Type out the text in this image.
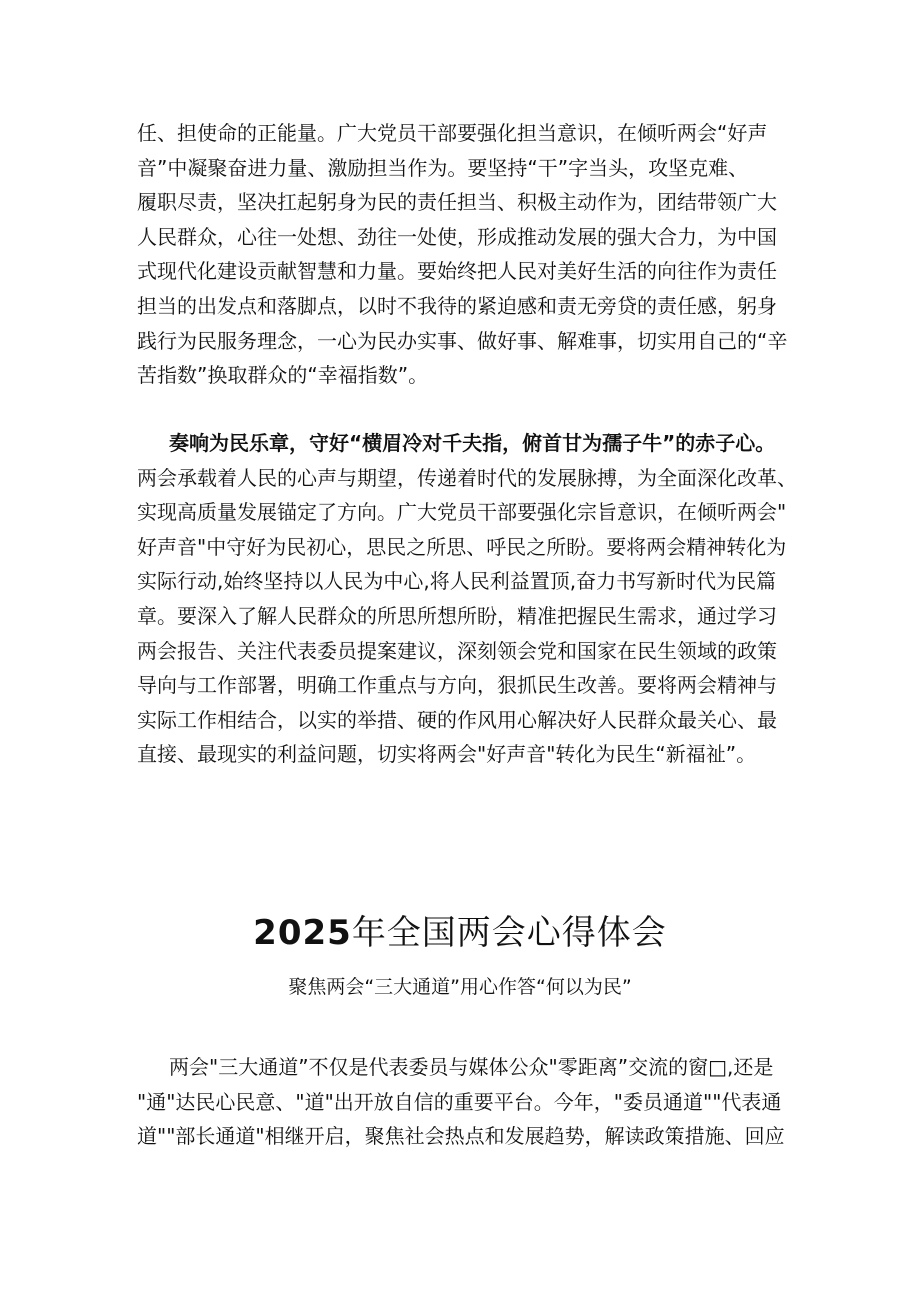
任、担使命的正能量。广大党员干部要强化担当意识，在倾听两会“好声
音”中凝聚奋进力量、激励担当作为。要坚持“干”字当头，攻坚克难、
履职尽责，坚决扛起躬身为民的责任担当、积极主动作为，团结带领广大
人民群众，心往一处想、劲往一处使，形成推动发展的强大合力，为中国
式现代化建设贡献智慧和力量。要始终把人民对美好生活的向往作为责任
担当的出发点和落脚点，以时不我待的紧迫感和责无旁贷的责任感，躬身
践行为民服务理念，一心为民办实事、做好事、解难事，切实用自己的“辛
苦指数”换取群众的“幸福指数”。
奏响为民乐章，守好“横眉冷对千夫指，俯首甘为孺子牛”的赤子心。
两会承载着人民的心声与期望，传递着时代的发展脉搏，为全面深化改革、
实现高质量发展锚定了方向。广大党员干部要强化宗旨意识，在倾听两会"
好声音"中守好为民初心，思民之所思、呼民之所盼。要将两会精神转化为
实际行动,始终坚持以人民为中心,将人民利益置顶,奋力书写新时代为民篇
章。要深入了解人民群众的所思所想所盼，精准把握民生需求，通过学习
两会报告、关注代表委员提案建议，深刻领会党和国家在民生领域的政策
导向与工作部署，明确工作重点与方向，狠抓民生改善。要将两会精神与
实际工作相结合，以实的举措、硬的作风用心解决好人民群众最关心、最
直接、最现实的利益问题，切实将两会"好声音"转化为民生“新福祉”。
2025年全国两会心得体会
聚焦两会“三大通道”用心作答“何以为民”
两会"三大通道”不仅是代表委员与媒体公众"零距离”交流的窗□,还是
"通"达民心民意、"道"出开放自信的重要平台。今年，"委员通道""代表通
道""部长通道"相继开启，聚焦社会热点和发展趋势，解读政策措施、回应
